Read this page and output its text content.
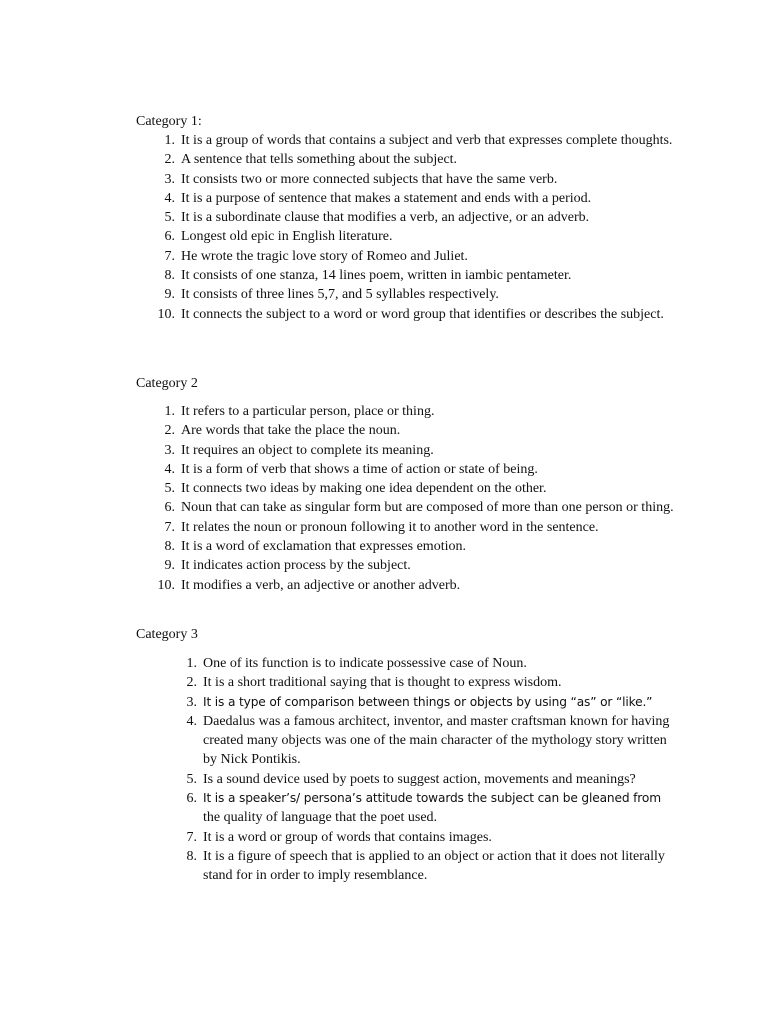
Category 1:
1. It is a group of words that contains a subject and verb that expresses complete thoughts.
2. A sentence that tells something about the subject.
3. It consists two or more connected subjects that have the same verb.
4. It is a purpose of sentence that makes a statement and ends with a period.
5. It is a subordinate clause that modifies a verb, an adjective, or an adverb.
6. Longest old epic in English literature.
7. He wrote the tragic love story of Romeo and Juliet.
8. It consists of one stanza, 14 lines poem, written in iambic pentameter.
9. It consists of three lines 5,7, and 5 syllables respectively.
10. It connects the subject to a word or word group that identifies or describes the subject.
Category 2
1. It refers to a particular person, place or thing.
2. Are words that take the place the noun.
3. It requires an object to complete its meaning.
4. It is a form of verb that shows a time of action or state of being.
5. It connects two ideas by making one idea dependent on the other.
6. Noun that can take as singular form but are composed of more than one person or thing.
7. It relates the noun or pronoun following it to another word in the sentence.
8. It is a word of exclamation that expresses emotion.
9. It indicates action process by the subject.
10. It modifies a verb, an adjective or another adverb.
Category 3
1. One of its function is to indicate possessive case of Noun.
2. It is a short traditional saying that is thought to express wisdom.
3. It is a type of comparison between things or objects by using “as” or “like.”
4. Daedalus was a famous architect, inventor, and master craftsman known for having created many objects was one of the main character of the mythology story written by Nick Pontikis.
5. Is a sound device used by poets to suggest action, movements and meanings?
6. It is a speaker’s/ persona’s attitude towards the subject can be gleaned from
the quality of language that the poet used.
7. It is a word or group of words that contains images.
8. It is a figure of speech that is applied to an object or action that it does not literally stand for in order to imply resemblance.
